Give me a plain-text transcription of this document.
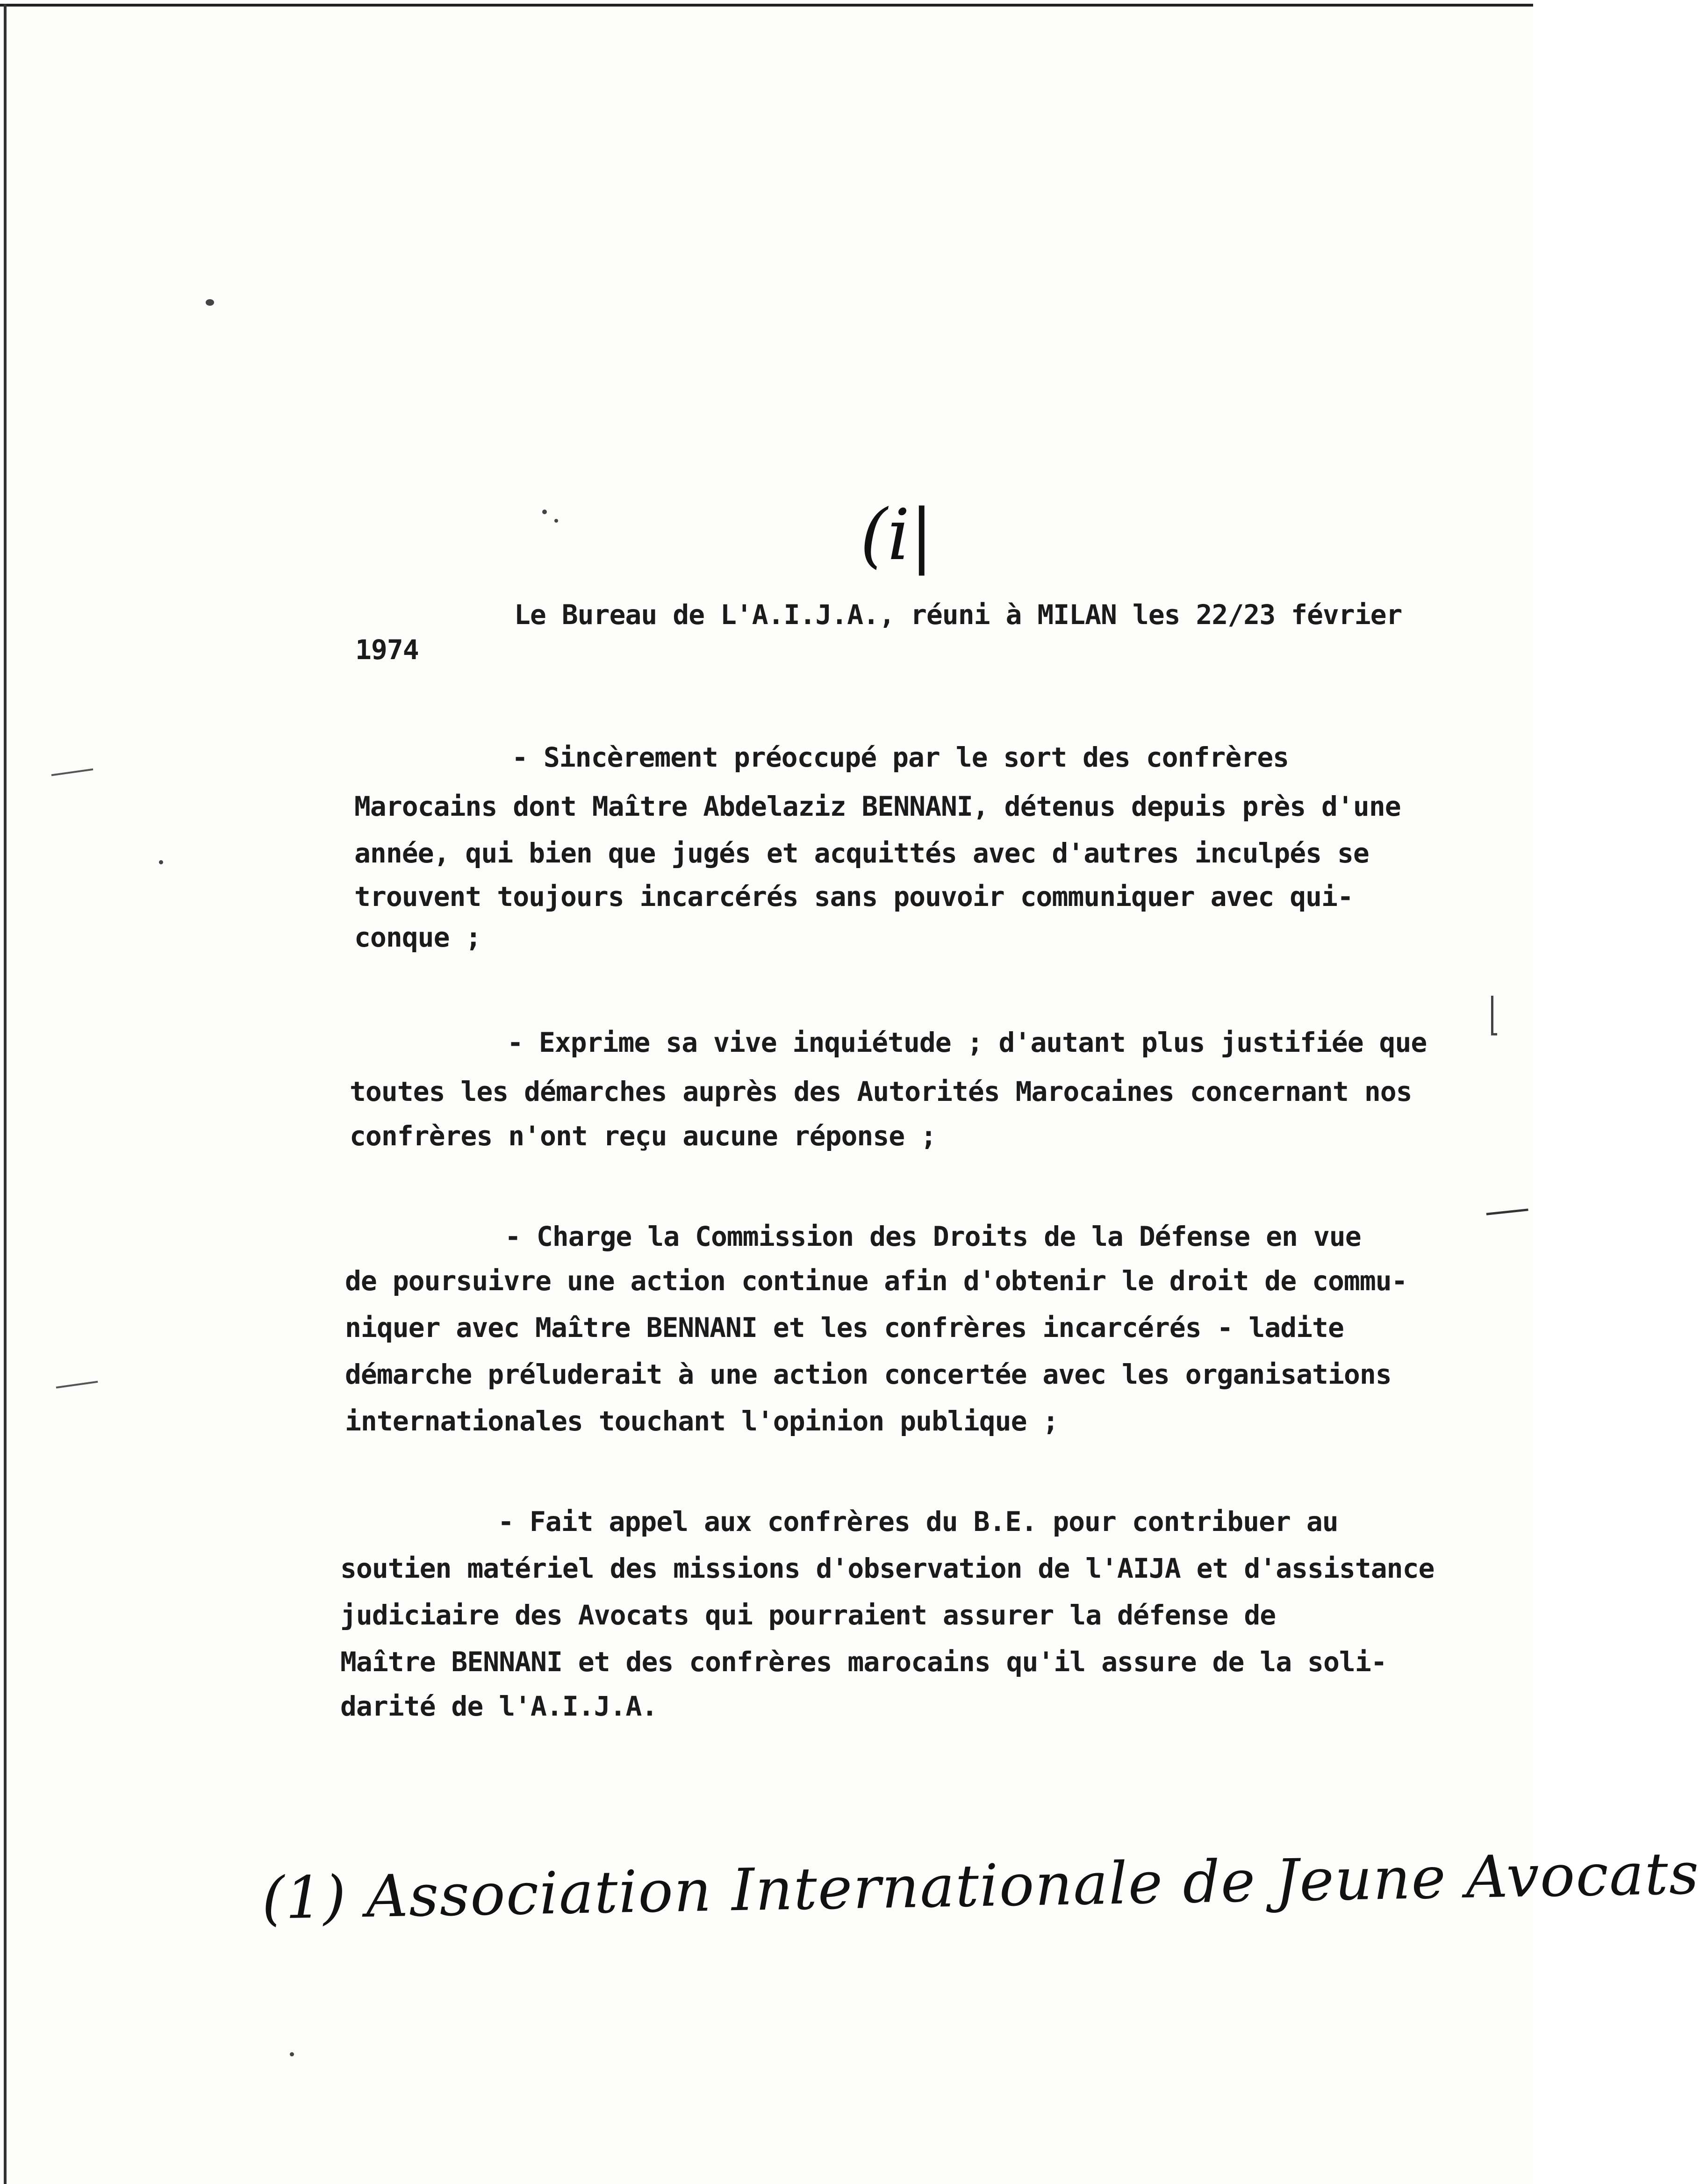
(i|
Le Bureau de L'A.I.J.A., réuni à MILAN les 22/23 février
1974
- Sincèrement préoccupé par le sort des confrères
Marocains dont Maître Abdelaziz BENNANI, détenus depuis près d'une
année, qui bien que jugés et acquittés avec d'autres inculpés se
trouvent toujours incarcérés sans pouvoir communiquer avec qui-
conque ;
- Exprime sa vive inquiétude ; d'autant plus justifiée que
toutes les démarches auprès des Autorités Marocaines concernant nos
confrères n'ont reçu aucune réponse ;
- Charge la Commission des Droits de la Défense en vue
de poursuivre une action continue afin d'obtenir le droit de commu-
niquer avec Maître BENNANI et les confrères incarcérés - ladite
démarche préluderait à une action concertée avec les organisations
internationales touchant l'opinion publique ;
- Fait appel aux confrères du B.E. pour contribuer au
soutien matériel des missions d'observation de l'AIJA et d'assistance
judiciaire des Avocats qui pourraient assurer la défense de
Maître BENNANI et des confrères marocains qu'il assure de la soli-
darité de l'A.I.J.A.
(1) Association Internationale de Jeune Avocats
